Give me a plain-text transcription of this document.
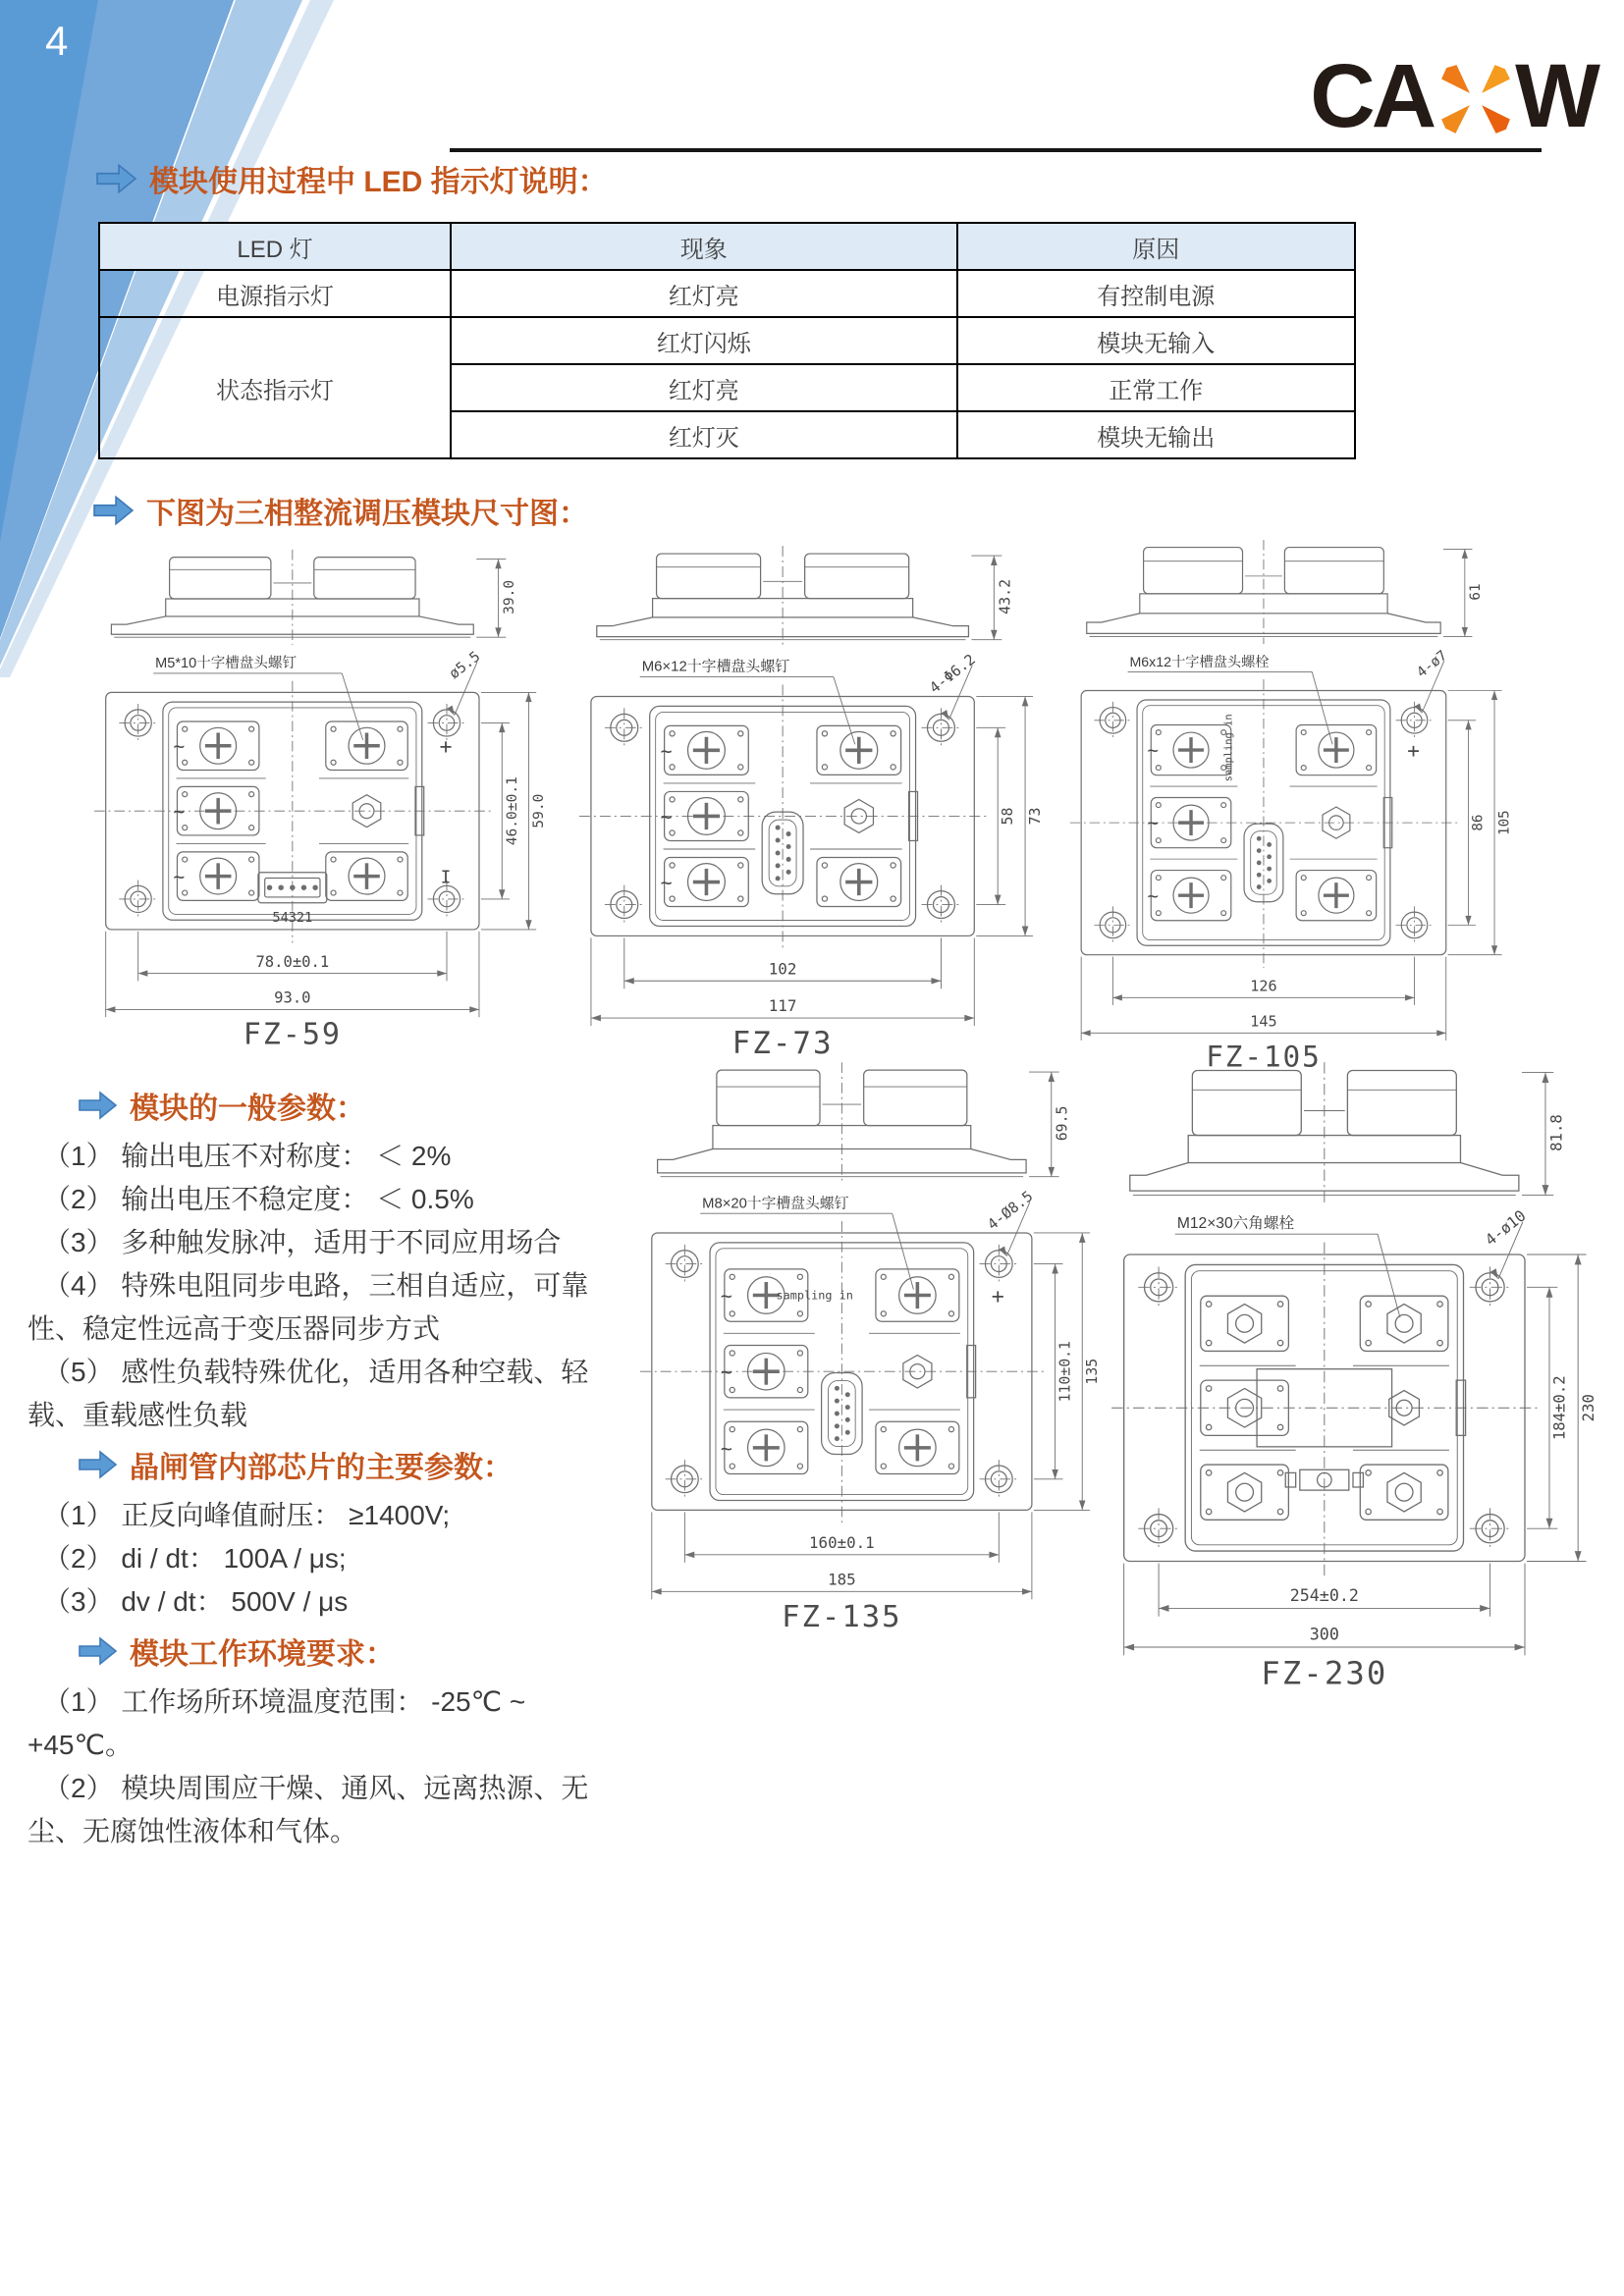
4
CA W
模块使用过程中 LED 指示灯说明：
LED 灯	现象	原因
电源指示灯	红灯亮	有控制电源
状态指示灯	红灯闪烁	模块无输入
	红灯亮	正常工作
	红灯灭	模块无输出
下图为三相整流调压模块尺寸图：
39.0
54321
M5*10十字槽盘头螺钉	ø5.5
46.0±0.1 59.0
78.0±0.1
93.0
~
~
~
+
I
FZ-59
43.2
M6×12十字槽盘头螺钉	4-Φ6.2
58 73
102
117
~
~
~
FZ-73
61
M6x12十字槽盘头螺栓	4-ø7
86 105
126
145
~
~
~
+
sampling in
FZ-105
69.5
M8×20十字槽盘头螺钉	4-Ø8.5
110±0.1 135
160±0.1
185
~
~
~
+
sampling in
FZ-135
81.8
M12×30六角螺栓	4-ø10
184±0.2 230
254±0.2
300
FZ-230
模块的一般参数：

（1） 输出电压不对称度： ＜ 2%

（2） 输出电压不稳定度： ＜ 0.5%

（3） 多种触发脉冲，适用于不同应用场合

（4） 特殊电阻同步电路，三相自适应，可靠性、稳定性远高于变压器同步方式

（5） 感性负载特殊优化，适用各种空载、轻载、重载感性负载

晶闸管内部芯片的主要参数：

（1） 正反向峰值耐压： ≥1400V;

（2） di / dt： 100A / μs;

（3） dv / dt： 500V / μs

模块工作环境要求：

（1） 工作场所环境温度范围： -25℃ ~ +45℃。

（2） 模块周围应干燥、通风、远离热源、无尘、无腐蚀性液体和气体。
